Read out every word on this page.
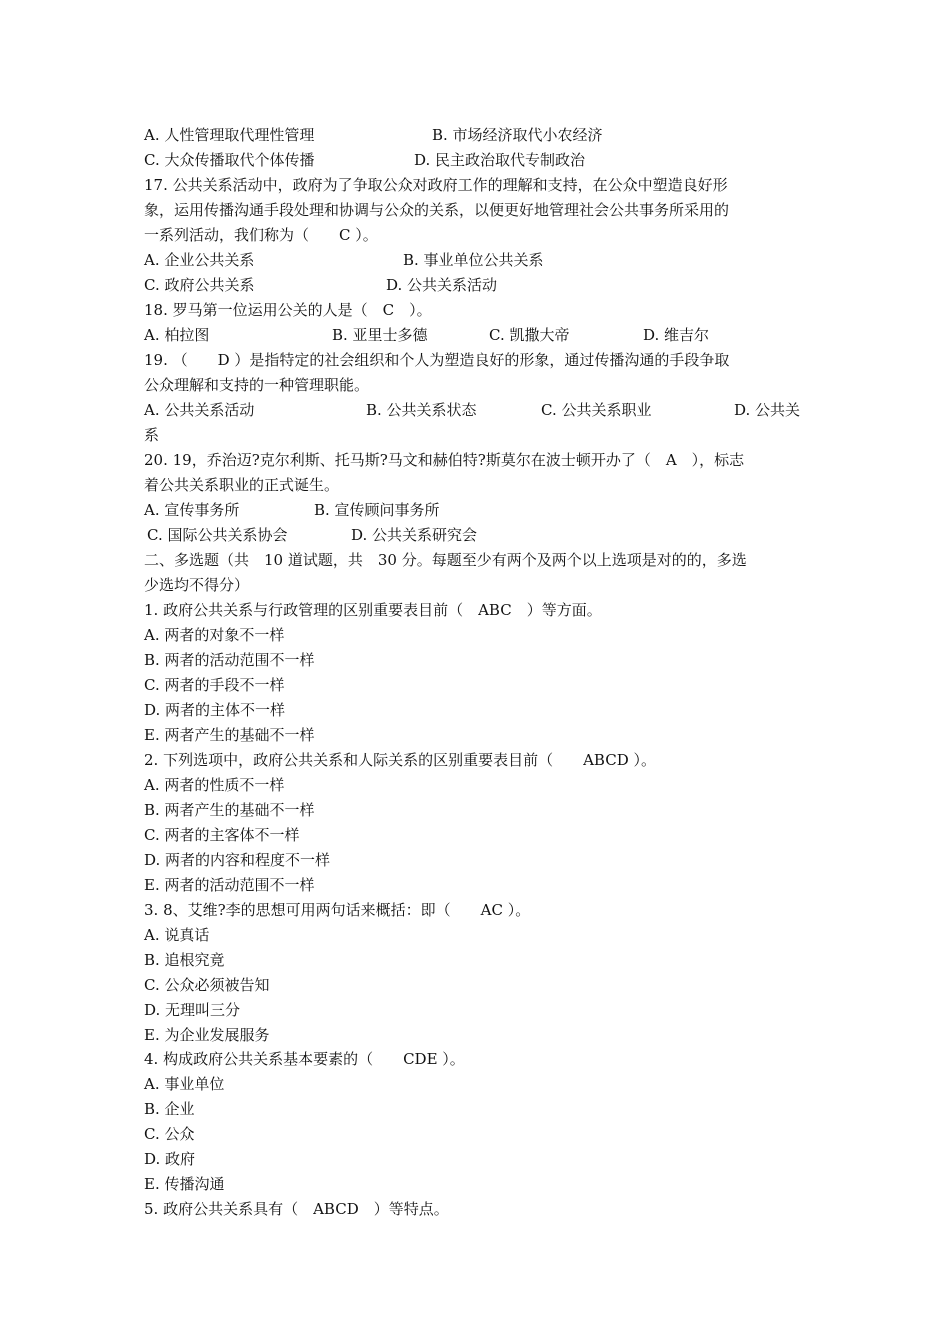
A. 人性管理取代理性管理	B. 市场经济取代小农经济
C. 大众传播取代个体传播	D. 民主政治取代专制政治
17. 公共关系活动中，政府为了争取公众对政府工作的理解和支持，在公众中塑造良好形
象，运用传播沟通手段处理和协调与公众的关系，以便更好地管理社会公共事务所采用的
一系列活动，我们称为（　　C ）。
A. 企业公共关系	B. 事业单位公共关系
C. 政府公共关系	D. 公共关系活动
18. 罗马第一位运用公关的人是（　C　）。
A. 柏拉图	B. 亚里士多德	C. 凯撒大帝	D. 维吉尔
19. （　　D ）是指特定的社会组织和个人为塑造良好的形象，通过传播沟通的手段争取
公众理解和支持的一种管理职能。
A. 公共关系活动	B. 公共关系状态	C. 公共关系职业	D. 公共关
系
20. 19，乔治迈?克尔利斯、托马斯?马文和赫伯特?斯莫尔在波士顿开办了（　A　），标志
着公共关系职业的正式诞生。
A. 宣传事务所	B. 宣传顾问事务所
C. 国际公共关系协会	D. 公共关系研究会
二、多选题（共　10 道试题，共　30 分。每题至少有两个及两个以上选项是对的的，多选
少选均不得分）
1. 政府公共关系与行政管理的区别重要表目前（　ABC　）等方面。
A. 两者的对象不一样
B. 两者的活动范围不一样
C. 两者的手段不一样
D. 两者的主体不一样
E. 两者产生的基础不一样
2. 下列选项中，政府公共关系和人际关系的区别重要表目前（　　ABCD ）。
A. 两者的性质不一样
B. 两者产生的基础不一样
C. 两者的主客体不一样
D. 两者的内容和程度不一样
E. 两者的活动范围不一样
3. 8、艾维?李的思想可用两句话来概括：即（　　AC ）。
A. 说真话
B. 追根究竟
C. 公众必须被告知
D. 无理叫三分
E. 为企业发展服务
4. 构成政府公共关系基本要素的（　　CDE ）。
A. 事业单位
B. 企业
C. 公众
D. 政府
E. 传播沟通
5. 政府公共关系具有（　ABCD　）等特点。
